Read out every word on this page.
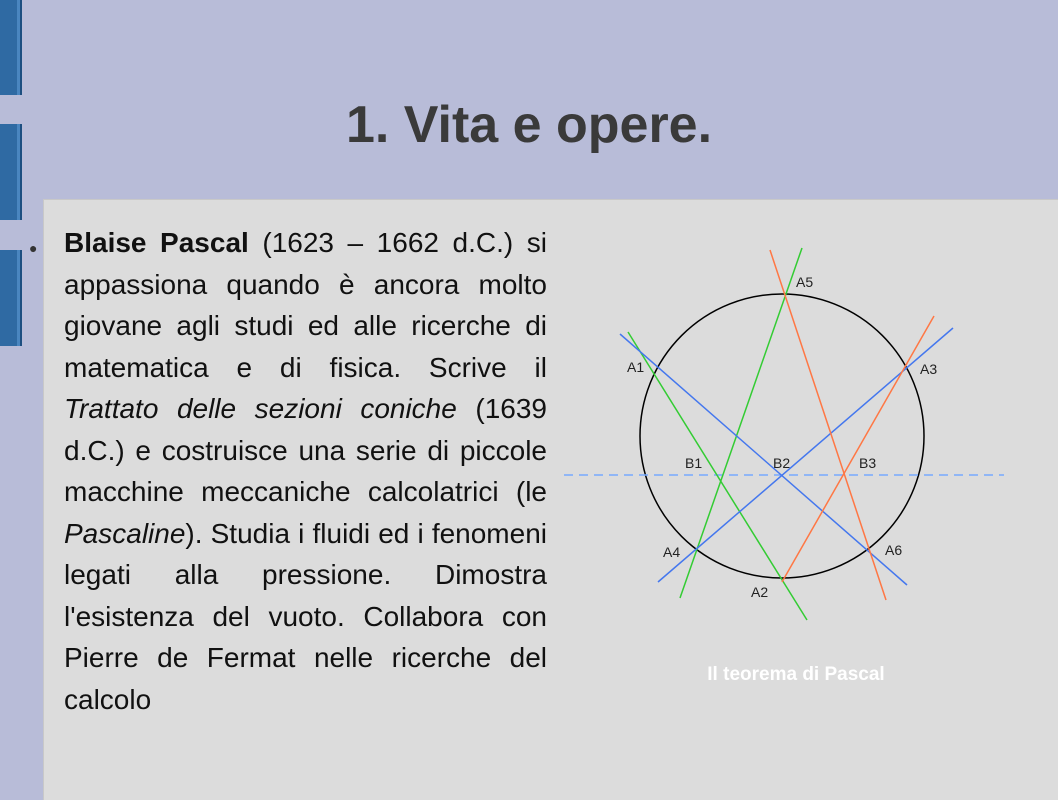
1. Vita e opere.
● Blaise Pascal (1623 – 1662 d.C.) si appassiona quando è ancora molto giovane agli studi ed alle ricerche di matematica e di fisica. Scrive il Trattato delle sezioni coniche (1639 d.C.) e costruisce una serie di piccole macchine meccaniche calcolatrici (le Pascaline). Studia i fluidi ed i fenomeni legati alla pressione. Dimostra l'esistenza del vuoto. Collabora con Pierre de Fermat nelle ricerche del calcolo
A5
A1	A3
B1	B2	B3
A4	A6
A2
Il teorema di Pascal
